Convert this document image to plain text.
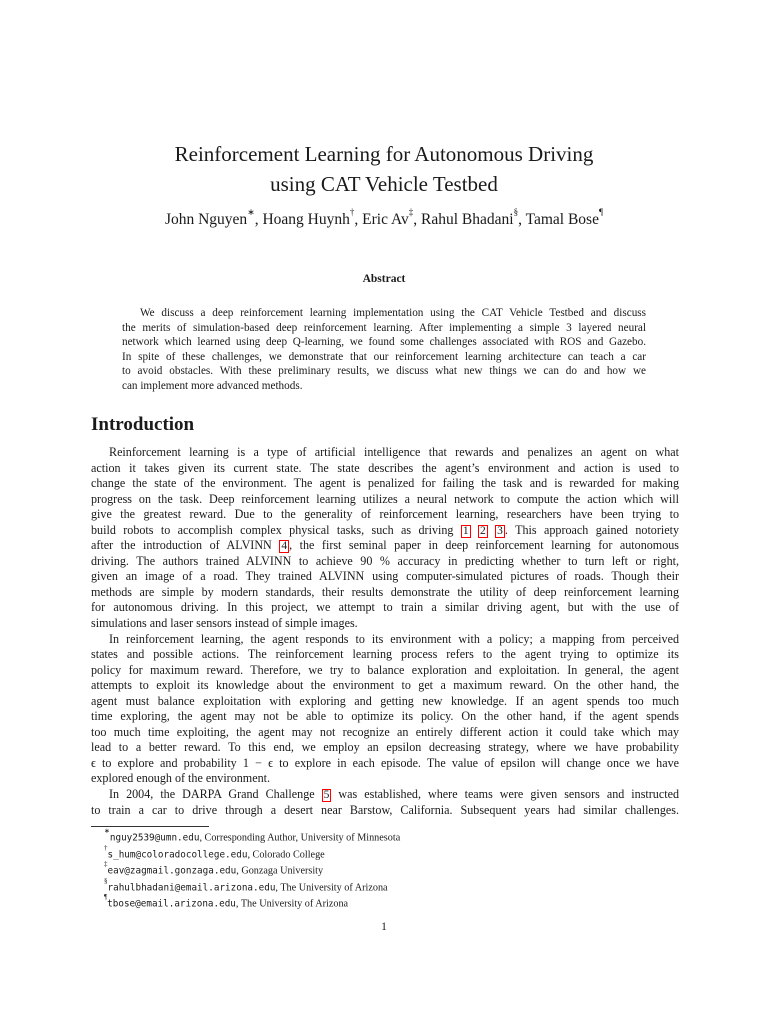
Reinforcement Learning for Autonomous Driving
using CAT Vehicle Testbed
John Nguyen∗, Hoang Huynh†, Eric Av‡, Rahul Bhadani§, Tamal Bose¶
Abstract
We discuss a deep reinforcement learning implementation using the CAT Vehicle Testbed and discuss
the merits of simulation-based deep reinforcement learning. After implementing a simple 3 layered neural
network which learned using deep Q-learning, we found some challenges associated with ROS and Gazebo.
In spite of these challenges, we demonstrate that our reinforcement learning architecture can teach a car
to avoid obstacles. With these preliminary results, we discuss what new things we can do and how we
can implement more advanced methods.
Introduction
Reinforcement learning is a type of artificial intelligence that rewards and penalizes an agent on what
action it takes given its current state. The state describes the agent’s environment and action is used to
change the state of the environment. The agent is penalized for failing the task and is rewarded for making
progress on the task. Deep reinforcement learning utilizes a neural network to compute the action which will
give the greatest reward. Due to the generality of reinforcement learning, researchers have been trying to
build robots to accomplish complex physical tasks, such as driving 1 2 3 . This approach gained notoriety
after the introduction of ALVINN 4 , the first seminal paper in deep reinforcement learning for autonomous
driving. The authors trained ALVINN to achieve 90 % accuracy in predicting whether to turn left or right,
given an image of a road. They trained ALVINN using computer-simulated pictures of roads. Though their
methods are simple by modern standards, their results demonstrate the utility of deep reinforcement learning
for autonomous driving. In this project, we attempt to train a similar driving agent, but with the use of
simulations and laser sensors instead of simple images.
In reinforcement learning, the agent responds to its environment with a policy; a mapping from perceived
states and possible actions. The reinforcement learning process refers to the agent trying to optimize its
policy for maximum reward. Therefore, we try to balance exploration and exploitation. In general, the agent
attempts to exploit its knowledge about the environment to get a maximum reward. On the other hand, the
agent must balance exploitation with exploring and getting new knowledge. If an agent spends too much
time exploring, the agent may not be able to optimize its policy. On the other hand, if the agent spends
too much time exploiting, the agent may not recognize an entirely different action it could take which may
lead to a better reward. To this end, we employ an epsilon decreasing strategy, where we have probability
ϵ to explore and probability 1 − ϵ to explore in each episode. The value of epsilon will change once we have
explored enough of the environment.
In 2004, the DARPA Grand Challenge 5 was established, where teams were given sensors and instructed
to train a car to drive through a desert near Barstow, California. Subsequent years had similar challenges.
∗nguy2539@umn.edu, Corresponding Author, University of Minnesota
†s_hum@coloradocollege.edu, Colorado College
‡eav@zagmail.gonzaga.edu, Gonzaga University
§rahulbhadani@email.arizona.edu, The University of Arizona
¶tbose@email.arizona.edu, The University of Arizona
1
